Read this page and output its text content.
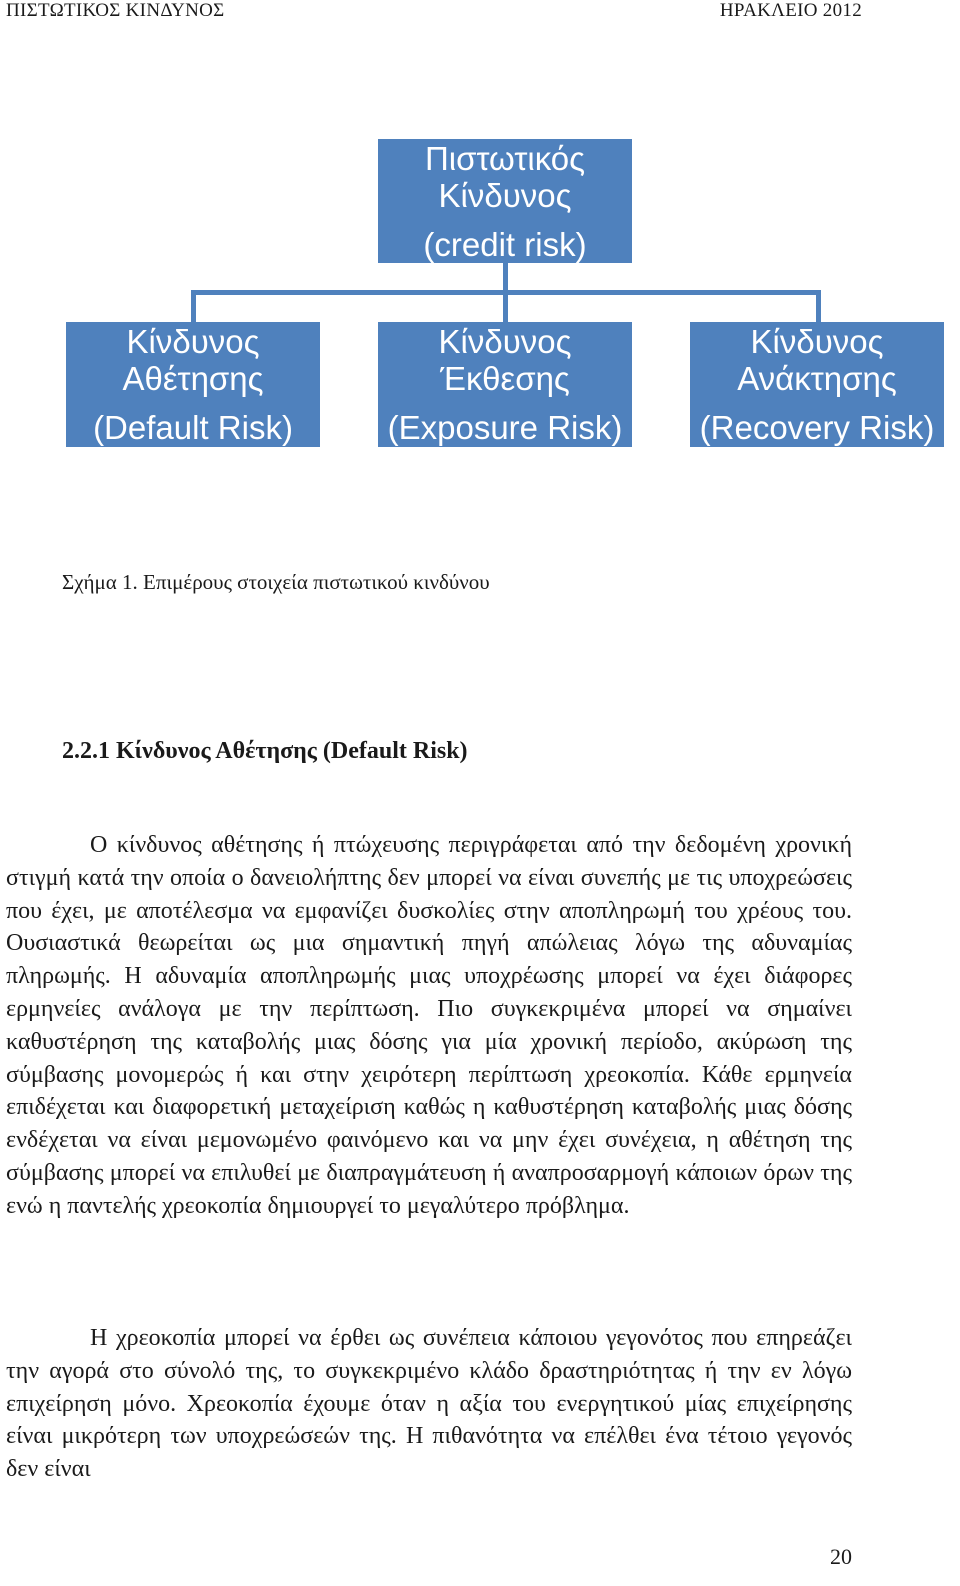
ΠΙΣΤΩΤΙΚΟΣ ΚΙΝΔΥΝΟΣ	ΗΡΑΚΛΕΙΟ 2012
Πιστωτικός
Κίνδυνος
(credit risk)
Κίνδυνος
Αθέτησης
(Default Risk)
Κίνδυνος
Έκθεσης
(Exposure Risk)
Κίνδυνος
Ανάκτησης
(Recovery Risk)
Σχήμα 1. Επιμέρους στοιχεία πιστωτικού κινδύνου
2.2.1 Κίνδυνος Αθέτησης (Default Risk)

Ο κίνδυνος αθέτησης ή πτώχευσης περιγράφεται από την δεδομένη χρονική στιγμή κατά την οποία ο δανειολήπτης δεν μπορεί να είναι συνεπής με τις υποχρεώσεις που έχει, με αποτέλεσμα να εμφανίζει δυσκολίες στην αποπληρωμή του χρέους του. Ουσιαστικά θεωρείται ως μια σημαντική πηγή απώλειας λόγω της αδυναμίας πληρωμής. Η αδυναμία αποπληρωμής μιας υποχρέωσης μπορεί να έχει διάφορες ερμηνείες ανάλογα με την περίπτωση. Πιο συγκεκριμένα μπορεί να σημαίνει καθυστέρηση της καταβολής μιας δόσης για μία χρονική περίοδο, ακύρωση της σύμβασης μονομερώς ή και στην χειρότερη περίπτωση χρεοκοπία. Κάθε ερμηνεία επιδέχεται και διαφορετική μεταχείριση καθώς η καθυστέρηση καταβολής μιας δόσης ενδέχεται να είναι μεμονωμένο φαινόμενο και να μην έχει συνέχεια, η αθέτηση της σύμβασης μπορεί να επιλυθεί με διαπραγμάτευση ή αναπροσαρμογή κάποιων όρων της ενώ η παντελής χρεοκοπία δημιουργεί το μεγαλύτερο πρόβλημα.

Η χρεοκοπία μπορεί να έρθει ως συνέπεια κάποιου γεγονότος που επηρεάζει την αγορά στο σύνολό της, το συγκεκριμένο κλάδο δραστηριότητας ή την εν λόγω επιχείρηση μόνο. Χρεοκοπία έχουμε όταν η αξία του ενεργητικού μίας επιχείρησης είναι μικρότερη των υποχρεώσεών της. Η πιθανότητα να επέλθει ένα τέτοιο γεγονός δεν είναι

20
